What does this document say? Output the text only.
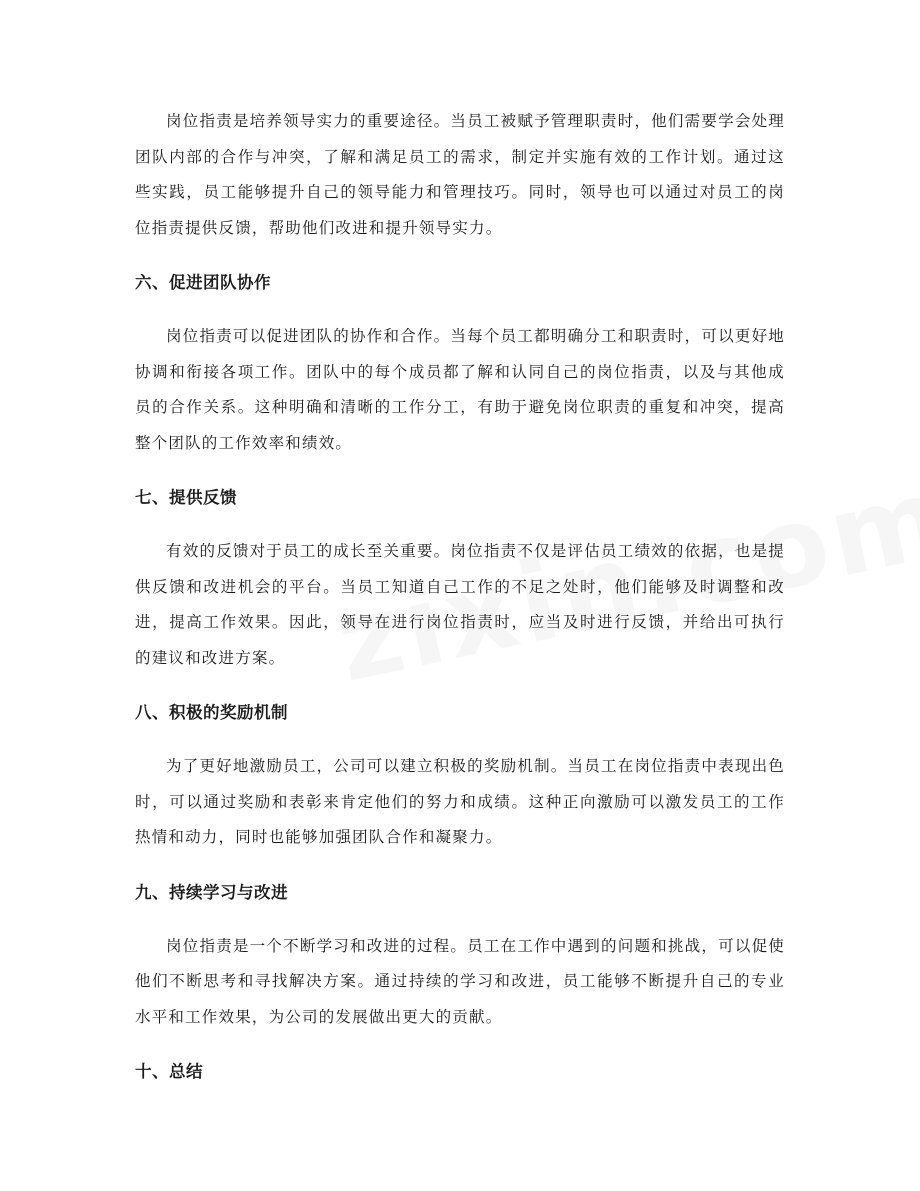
岗位指责是培养领导实力的重要途径。当员工被赋予管理职责时，他们需要学会处理团队内部的合作与冲突，了解和满足员工的需求，制定并实施有效的工作计划。通过这些实践，员工能够提升自己的领导能力和管理技巧。同时，领导也可以通过对员工的岗位指责提供反馈，帮助他们改进和提升领导实力。

六、促进团队协作

岗位指责可以促进团队的协作和合作。当每个员工都明确分工和职责时，可以更好地协调和衔接各项工作。团队中的每个成员都了解和认同自己的岗位指责，以及与其他成员的合作关系。这种明确和清晰的工作分工，有助于避免岗位职责的重复和冲突，提高整个团队的工作效率和绩效。

七、提供反馈

有效的反馈对于员工的成长至关重要。岗位指责不仅是评估员工绩效的依据，也是提供反馈和改进机会的平台。当员工知道自己工作的不足之处时，他们能够及时调整和改进，提高工作效果。因此，领导在进行岗位指责时，应当及时进行反馈，并给出可执行的建议和改进方案。

八、积极的奖励机制

为了更好地激励员工，公司可以建立积极的奖励机制。当员工在岗位指责中表现出色时，可以通过奖励和表彰来肯定他们的努力和成绩。这种正向激励可以激发员工的工作热情和动力，同时也能够加强团队合作和凝聚力。

九、持续学习与改进

岗位指责是一个不断学习和改进的过程。员工在工作中遇到的问题和挑战，可以促使他们不断思考和寻找解决方案。通过持续的学习和改进，员工能够不断提升自己的专业水平和工作效果，为公司的发展做出更大的贡献。

十、总结
